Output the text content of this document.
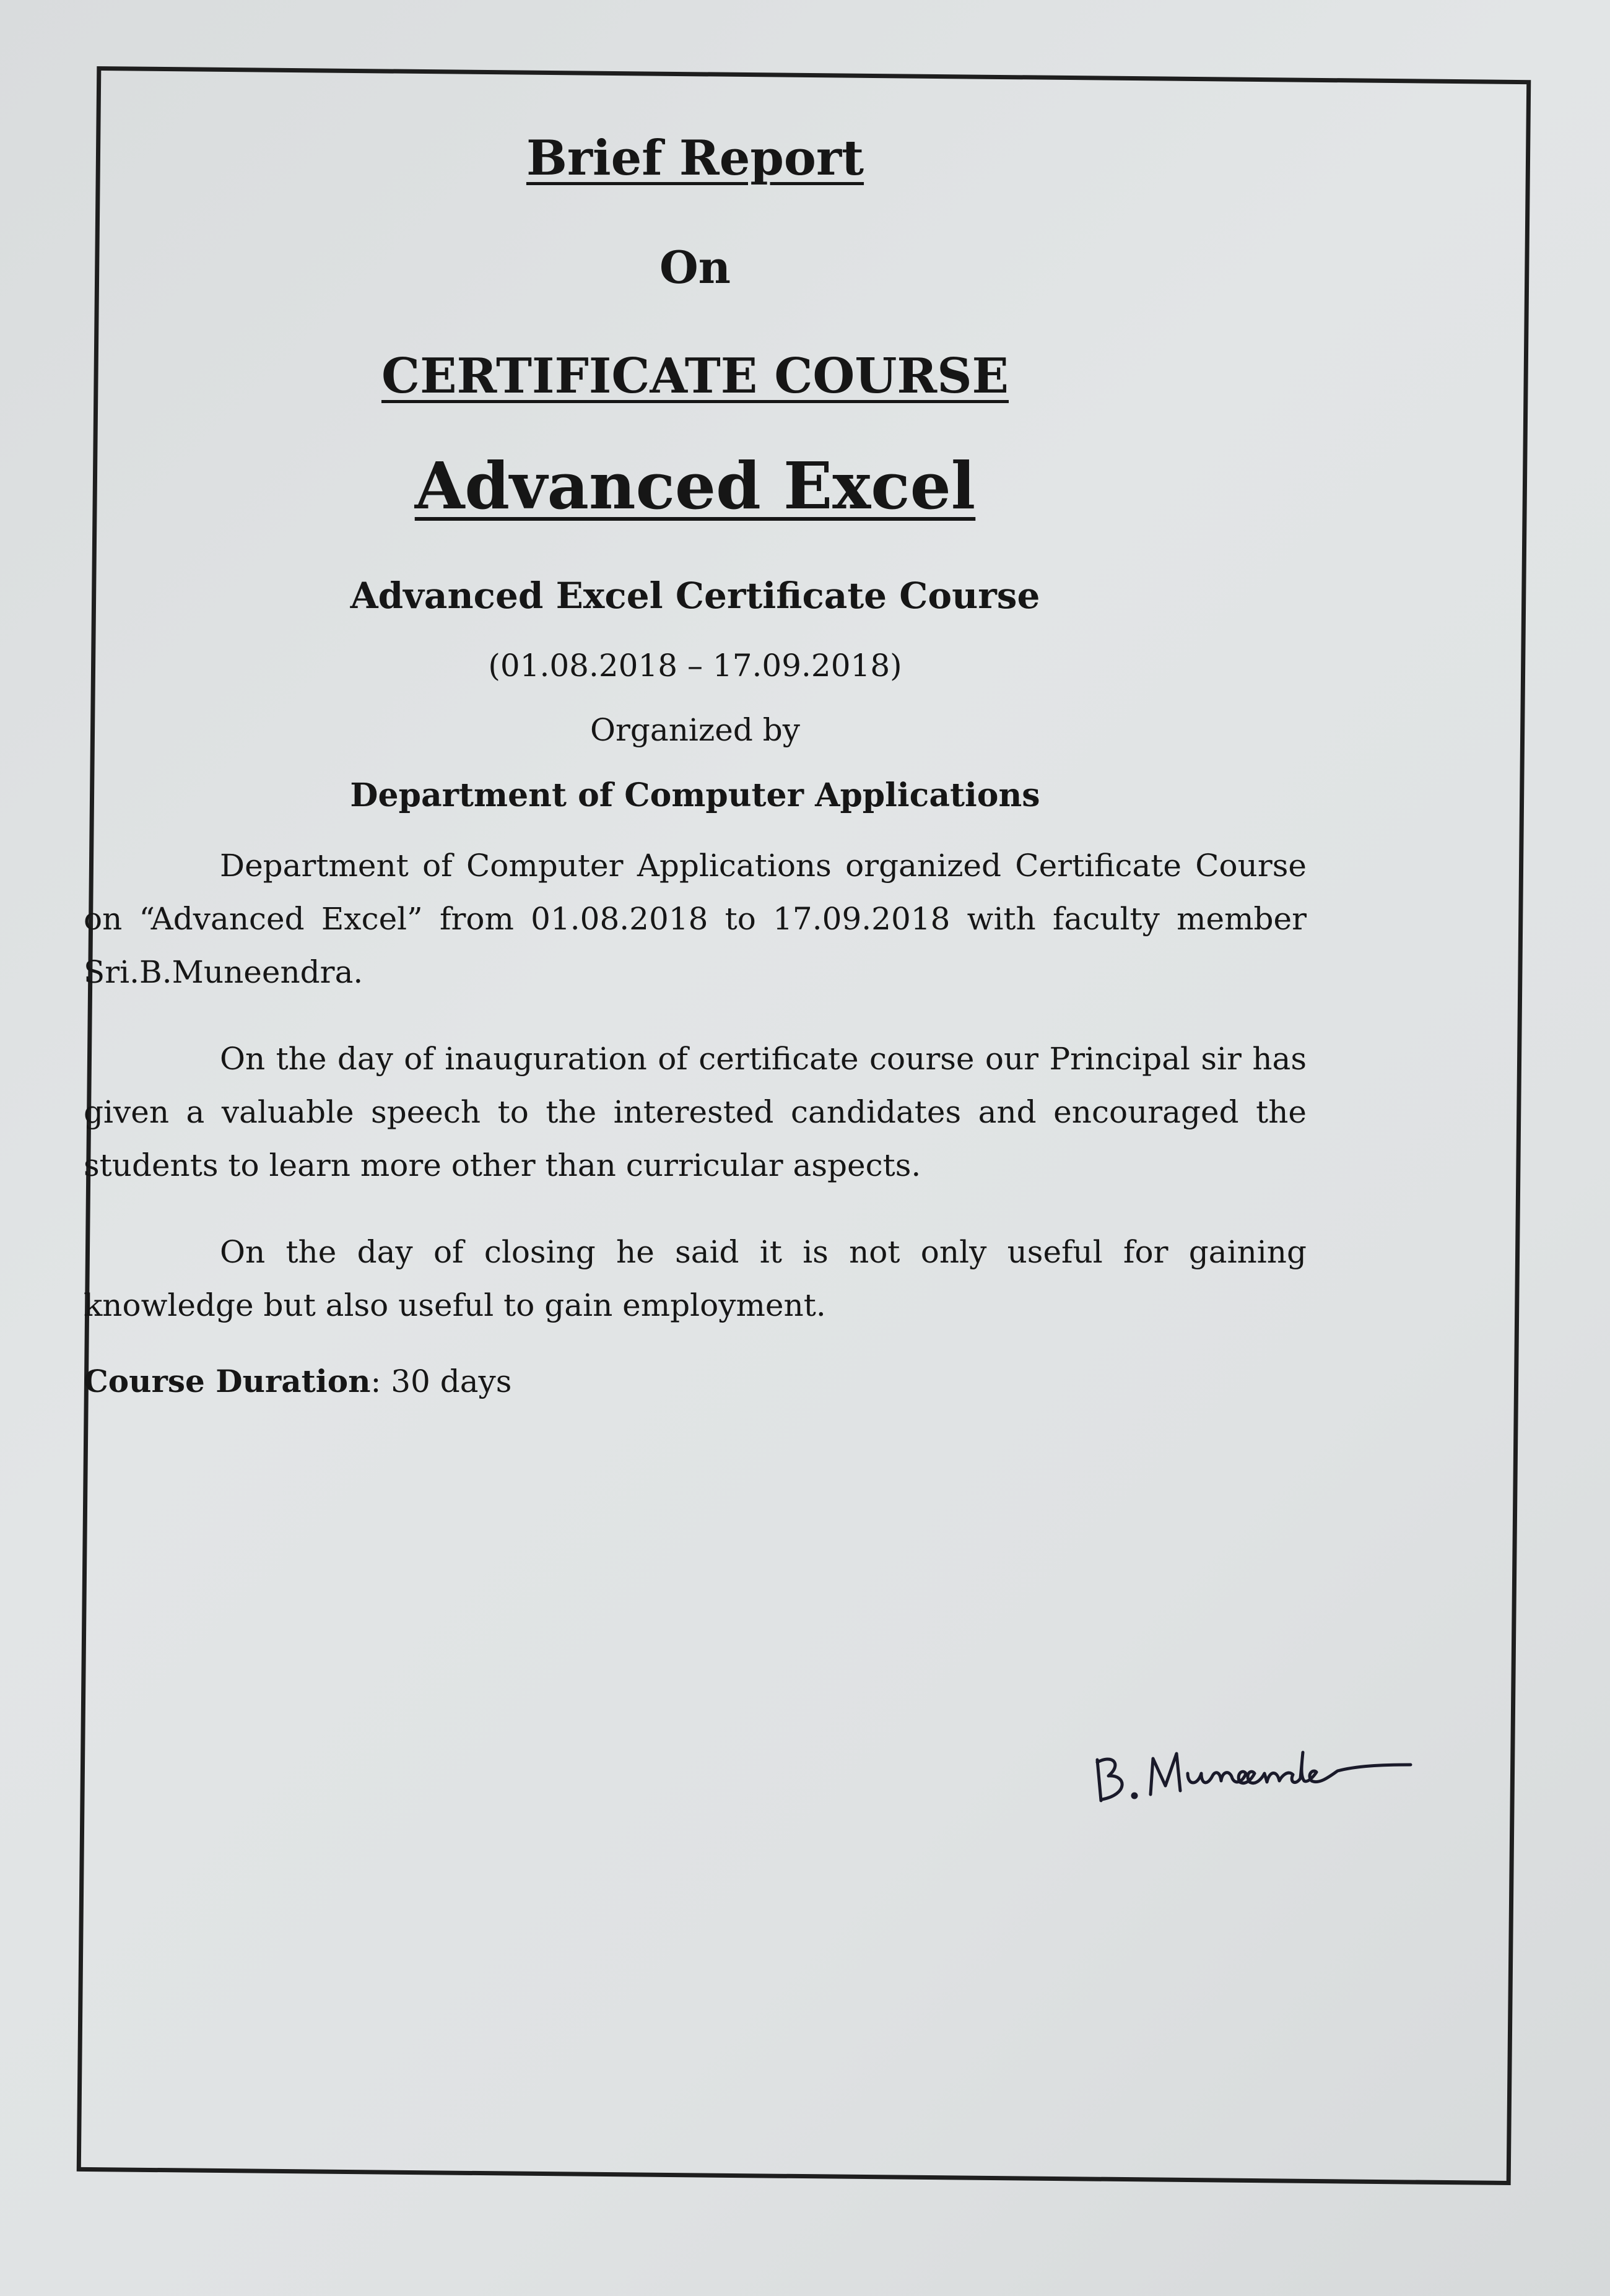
Brief Report

On

CERTIFICATE COURSE
Advanced Excel

Advanced Excel Certificate Course

(01.08.2018 – 17.09.2018)

Organized by

Department of Computer Applications

Department of Computer Applications organized Certificate Course on “Advanced Excel” from 01.08.2018 to 17.09.2018 with faculty member Sri.B.Muneendra.

On the day of inauguration of certificate course our Principal sir has given a valuable speech to the interested candidates and encouraged the students to learn more other than curricular aspects.

On the day of closing he said it is not only useful for gaining knowledge but also useful to gain employment.

Course Duration: 30 days
